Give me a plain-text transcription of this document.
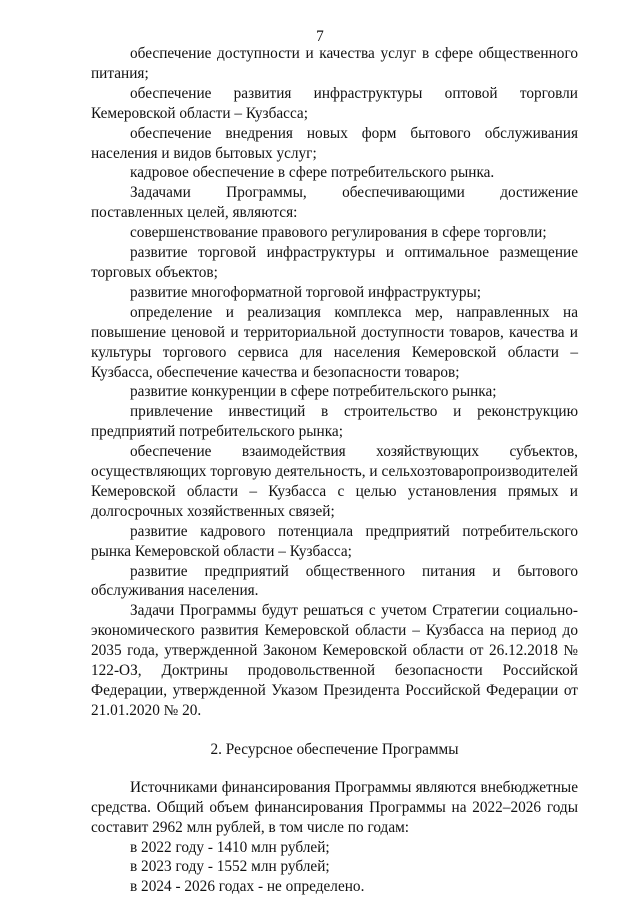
7

обеспечение доступности и качества услуг в сфере общественного питания;

обеспечение развития инфраструктуры оптовой торговли Кемеровской области – Кузбасса;

обеспечение внедрения новых форм бытового обслуживания населения и видов бытовых услуг;

кадровое обеспечение в сфере потребительского рынка.

Задачами Программы, обеспечивающими достижение поставленных целей, являются:

совершенствование правового регулирования в сфере торговли;

развитие торговой инфраструктуры и оптимальное размещение торговых объектов;

развитие многоформатной торговой инфраструктуры;

определение и реализация комплекса мер, направленных на повышение ценовой и территориальной доступности товаров, качества и культуры торгового сервиса для населения Кемеровской области – Кузбасса, обеспечение качества и безопасности товаров;

развитие конкуренции в сфере потребительского рынка;

привлечение инвестиций в строительство и реконструкцию предприятий потребительского рынка;

обеспечение взаимодействия хозяйствующих субъектов, осуществляющих торговую деятельность, и сельхозтоваропроизводителей Кемеровской области – Кузбасса с целью установления прямых и долгосрочных хозяйственных связей;

развитие кадрового потенциала предприятий потребительского рынка Кемеровской области – Кузбасса;

развитие предприятий общественного питания и бытового обслуживания населения.

Задачи Программы будут решаться с учетом Стратегии социально-экономического развития Кемеровской области – Кузбасса на период до 2035 года, утвержденной Законом Кемеровской области от 26.12.2018 № 122-ОЗ, Доктрины продовольственной безопасности Российской Федерации, утвержденной Указом Президента Российской Федерации от 21.01.2020 № 20.

2. Ресурсное обеспечение Программы

Источниками финансирования Программы являются внебюджетные средства. Общий объем финансирования Программы на 2022–2026 годы составит 2962 млн рублей, в том числе по годам:

в 2022 году - 1410 млн рублей;

в 2023 году - 1552 млн рублей;

в 2024 - 2026 годах - не определено.
